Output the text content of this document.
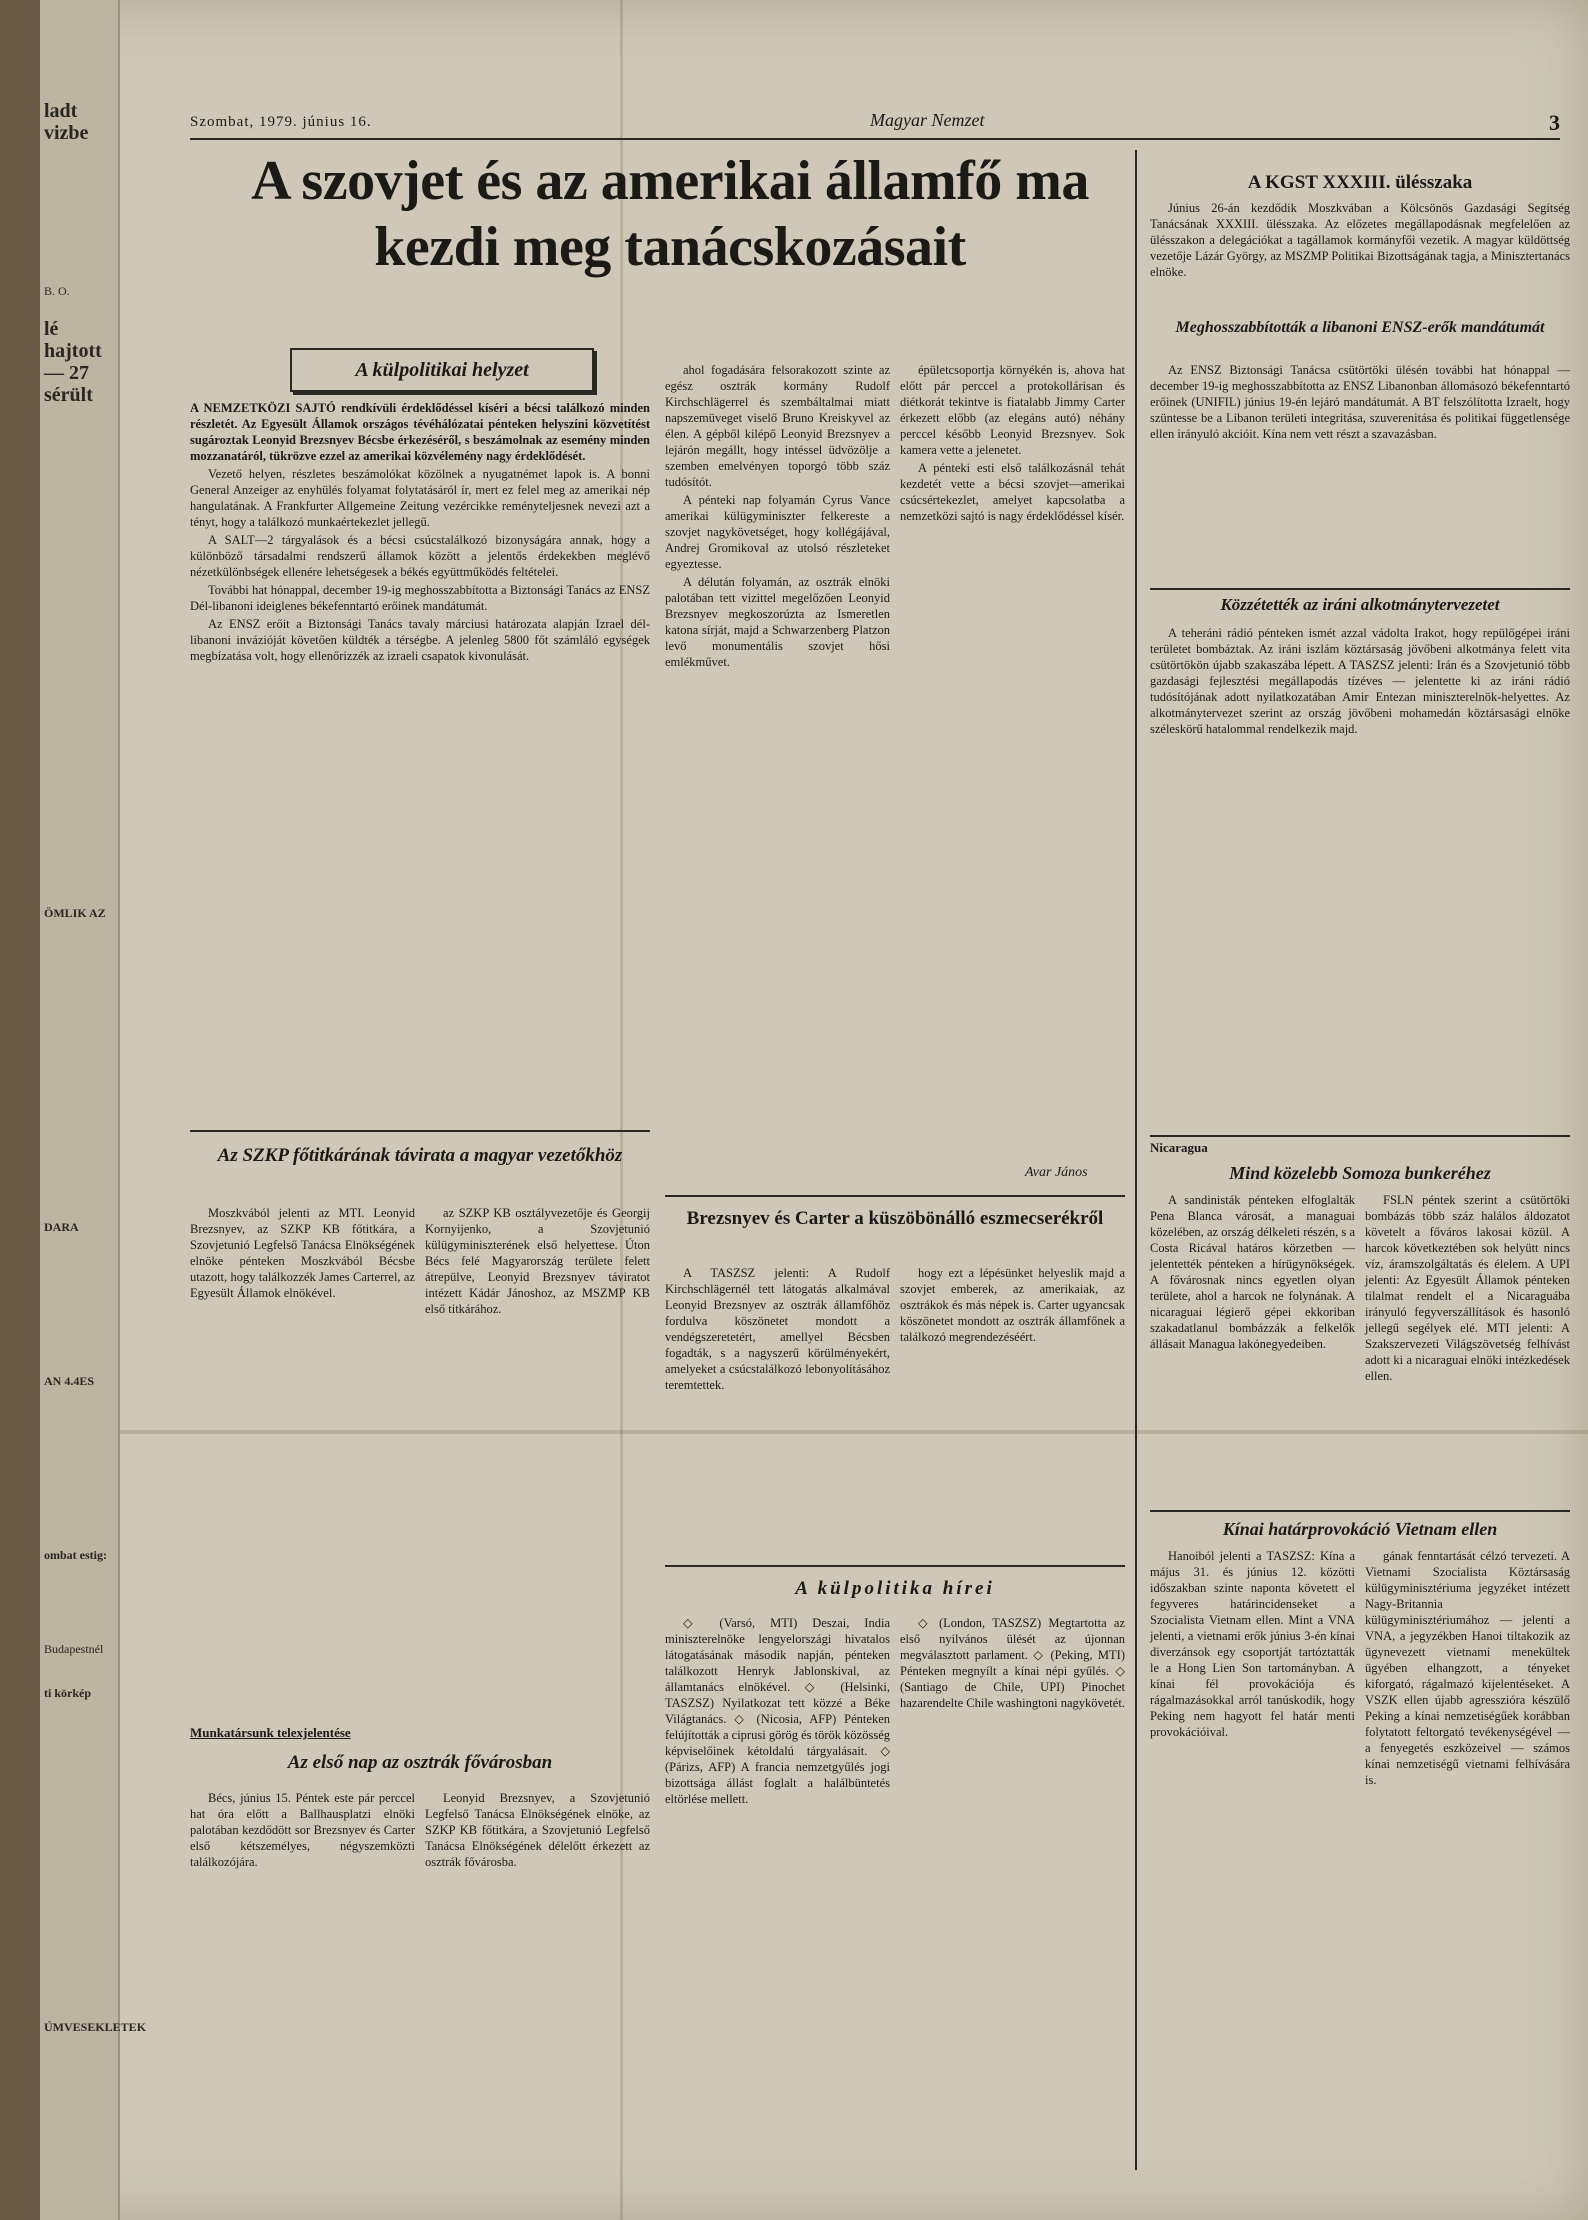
ladt vizbe

B. O.

lé hajtott — 27 sérült

ÖMLIK AZ

DARA

AN 4.4ES

ombat estig:

Budapestnél

ti körkép

ÚMVESEKLETEK

Szombat, 1979. június 16.	Magyar Nemzet	3
A szovjet és az amerikai államfő ma kezdi meg tanácskozásait
A külpolitikai helyzet

A NEMZETKÖZI SAJTÓ rendkívüli érdeklődéssel kíséri a bécsi találkozó minden részletét. Az Egyesült Államok országos tévéhálózatai pénteken helyszíni közvetítést sugároztak Leonyid Brezsnyev Bécsbe érkezéséről, s beszámolnak az esemény minden mozzanatáról, tükrözve ezzel az amerikai közvélemény nagy érdeklődését.

Vezető helyen, részletes beszámolókat közölnek a nyugatnémet lapok is. A bonni General Anzeiger az enyhülés folyamat folytatásáról ír, mert ez felel meg az amerikai nép hangulatának. A Frankfurter Allgemeine Zeitung vezércikke reményteljesnek nevezi azt a tényt, hogy a találkozó munkaértekezlet jellegű.

A SALT—2 tárgyalások és a bécsi csúcstalálkozó bizonyságára annak, hogy a különböző társadalmi rendszerű államok között a jelentős érdekekben meglévő nézetkülönbségek ellenére lehetségesek a békés együttműködés feltételei.

További hat hónappal, december 19-ig meghosszabbította a Biztonsági Tanács az ENSZ Dél-libanoni ideiglenes békefenntartó erőinek mandátumát.

Az ENSZ erőit a Biztonsági Tanács tavaly márciusi határozata alapján Izrael dél-libanoni invázióját követően küldték a térségbe. A jelenleg 5800 főt számláló egységek megbízatása volt, hogy ellenőrizzék az izraeli csapatok kivonulását.

Az SZKP főtitkárának távirata a magyar vezetőkhöz

Moszkvából jelenti az MTI. Leonyid Brezsnyev, az SZKP KB főtitkára, a Szovjetunió Legfelső Tanácsa Elnökségének elnöke pénteken Moszkvából Bécsbe utazott, hogy találkozzék James Carterrel, az Egyesült Államok elnökével.

az SZKP KB osztályvezetője és Georgij Kornyijenko, a Szovjetunió külügyminiszterének első helyettese. Úton Bécs felé Magyarország területe felett átrepülve, Leonyid Brezsnyev táviratot intézett Kádár Jánoshoz, az MSZMP KB első titkárához.

Munkatársunk telexjelentése
Az első nap az osztrák fővárosban

Bécs, június 15. Péntek este pár perccel hat óra előtt a Ballhausplatzi elnöki palotában kezdődött sor Brezsnyev és Carter első kétszemélyes, négyszemközti találkozójára.

Leonyid Brezsnyev, a Szovjetunió Legfelső Tanácsa Elnökségének elnöke, az SZKP KB főtitkára, a Szovjetunió Legfelső Tanácsa Elnökségének délelőtt érkezett az osztrák fővárosba.

ahol fogadására felsorakozott szinte az egész osztrák kormány Rudolf Kirchschlägerrel és szembáltalmai miatt napszemüveget viselő Bruno Kreiskyvel az élen. A gépből kilépő Leonyid Brezsnyev a lejárón megállt, hogy intéssel üdvözölje a szemben emelvényen toporgó több száz tudósítót.

A pénteki nap folyamán Cyrus Vance amerikai külügyminiszter felkereste a szovjet nagykövetséget, hogy kollégájával, Andrej Gromikoval az utolsó részleteket egyeztesse.

A délután folyamán, az osztrák elnöki palotában tett vizittel megelőzően Leonyid Brezsnyev megkoszorúzta az Ismeretlen katona sírját, majd a Schwarzenberg Platzon levő monumentális szovjet hősi emlékművet.

épületcsoportja környékén is, ahova hat előtt pár perccel a protokollárisan és diétkorát tekintve is fiatalabb Jimmy Carter érkezett előbb (az elegáns autó) néhány perccel később Leonyid Brezsnyev. Sok kamera vette a jelenetet.

A pénteki esti első találkozásnál tehát kezdetét vette a bécsi szovjet—amerikai csúcsértekezlet, amelyet kapcsolatba a nemzetközi sajtó is nagy érdeklődéssel kísér.

Avar János
Brezsnyev és Carter a küszöbönálló eszmecserékről

A TASZSZ jelenti: A Rudolf Kirchschlägernél tett látogatás alkalmával Leonyid Brezsnyev az osztrák államfőhöz fordulva köszönetet mondott a vendégszeretetért, amellyel Bécsben fogadták, s a nagyszerű körülményekért, amelyeket a csúcstalálkozó lebonyolításához teremtettek.

hogy ezt a lépésünket helyeslik majd a szovjet emberek, az amerikaiak, az osztrákok és más népek is. Carter ugyancsak köszönetet mondott az osztrák államfőnek a találkozó megrendezéséért.

A külpolitika hírei

◇ (Varsó, MTI) Deszai, India miniszterelnöke lengyelországi hivatalos látogatásának második napján, pénteken találkozott Henryk Jablonskival, az államtanács elnökével. ◇ (Helsinki, TASZSZ) Nyilatkozat tett közzé a Béke Világtanács. ◇ (Nicosia, AFP) Pénteken felújították a ciprusi görög és török közösség képviselőinek kétoldalú tárgyalásait. ◇ (Párizs, AFP) A francia nemzetgyűlés jogi bizottsága állást foglalt a halálbüntetés eltörlése mellett.

◇ (London, TASZSZ) Megtartotta az első nyilvános ülését az újonnan megválasztott parlament. ◇ (Peking, MTI) Pénteken megnyílt a kínai népi gyűlés. ◇ (Santiago de Chile, UPI) Pinochet hazarendelte Chile washingtoni nagykövetét.

A KGST XXXIII. ülésszaka

Június 26-án kezdődik Moszkvában a Kölcsönös Gazdasági Segítség Tanácsának XXXIII. ülésszaka. Az előzetes megállapodásnak megfelelően az ülésszakon a delegációkat a tagállamok kormányfői vezetik. A magyar küldöttség vezetője Lázár György, az MSZMP Politikai Bizottságának tagja, a Minisztertanács elnöke.

Meghosszabbították a libanoni ENSZ-erők mandátumát

Az ENSZ Biztonsági Tanácsa csütörtöki ülésén további hat hónappal — december 19-ig meghosszabbította az ENSZ Libanonban állomásozó békefenntartó erőinek (UNIFIL) június 19-én lejáró mandátumát. A BT felszólította Izraelt, hogy szüntesse be a Libanon területi integritása, szuverenitása és politikai függetlensége ellen irányuló akcióit. Kína nem vett részt a szavazásban.

Közzétették az iráni alkotmánytervezetet

A teheráni rádió pénteken ismét azzal vádolta Irakot, hogy repülőgépei iráni területet bombáztak. Az iráni iszlám köztársaság jövőbeni alkotmánya felett vita csütörtökön újabb szakaszába lépett. A TASZSZ jelenti: Irán és a Szovjetunió több gazdasági fejlesztési megállapodás tízéves — jelentette ki az iráni rádió tudósítójának adott nyilatkozatában Amir Entezan miniszterelnök-helyettes. Az alkotmánytervezet szerint az ország jövőbeni mohamedán köztársasági elnöke széleskörű hatalommal rendelkezik majd.

Nicaragua
Mind közelebb Somoza bunkeréhez

A sandinisták pénteken elfoglalták Pena Blanca városát, a managuai közelében, az ország délkeleti részén, s a Costa Ricával határos körzetben — jelentették pénteken a hírügynökségek. A fővárosnak nincs egyetlen olyan területe, ahol a harcok ne folynának. A nicaraguai légierő gépei ekkoriban szakadatlanul bombázzák a felkelők állásait Managua lakónegyedeiben.

FSLN péntek szerint a csütörtöki bombázás több száz halálos áldozatot követelt a főváros lakosai közül. A harcok következtében sok helyütt nincs víz, áramszolgáltatás és élelem. A UPI jelenti: Az Egyesült Államok pénteken tilalmat rendelt el a Nicaraguába irányuló fegyverszállítások és hasonló jellegű segélyek elé. MTI jelenti: A Szakszervezeti Világszövetség felhívást adott ki a nicaraguai elnöki intézkedések ellen.

Kínai határprovokáció Vietnam ellen

Hanoiból jelenti a TASZSZ: Kína a május 31. és június 12. közötti időszakban szinte naponta követett el fegyveres határincidenseket a Szocialista Vietnam ellen. Mint a VNA jelenti, a vietnami erők június 3-én kínai diverzánsok egy csoportját tartóztatták le a Hong Lien Son tartományban. A kínai fél provokációja és rágalmazásokkal arról tanúskodik, hogy Peking nem hagyott fel határ menti provokációival.

gának fenntartását célzó tervezeti. A Vietnami Szocialista Köztársaság külügyminisztériuma jegyzéket intézett Nagy-Britannia külügyminisztériumához — jelenti a VNA, a jegyzékben Hanoi tiltakozik az ügynevezett vietnami menekültek ügyében elhangzott, a tényeket kiforgató, rágalmazó kijelentéseket. A VSZK ellen újabb agresszióra készülő Peking a kínai nemzetiségűek korábban folytatott feltorgató tevékenységével — a fenyegetés eszközeivel — számos kínai nemzetiségű vietnami felhívására is.
